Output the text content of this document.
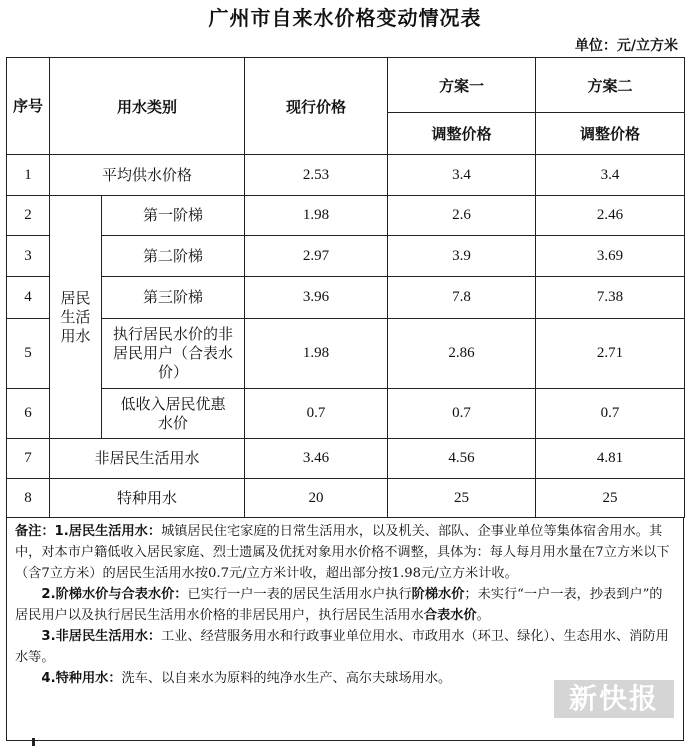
广州市自来水价格变动情况表
单位：元/立方米
序号	用水类别		现行价格	方案一	方案二
				调整价格	调整价格
1	平均供水价格		2.53	3.4	3.4
2	居民生活用水	第一阶梯	1.98	2.6	2.46
3		第二阶梯	2.97	3.9	3.69
4		第三阶梯	3.96	7.8	7.38
5		执行居民水价的非居民用户（合表水价）	1.98	2.86	2.71
6		低收入居民优惠水价	0.7	0.7	0.7
7	非居民生活用水		3.46	4.56	4.81
8	特种用水		20	25	25

备注：1.居民生活用水：城镇居民住宅家庭的日常生活用水，以及机关、部队、企事业单位等集体宿舍用水。其中，对本市户籍低收入居民家庭、烈士遗属及优抚对象用水价格不调整，具体为：每人每月用水量在7立方米以下（含7立方米）的居民生活用水按0.7元/立方米计收，超出部分按1.98元/立方米计收。

2.阶梯水价与合表水价：已实行一户一表的居民生活用水户执行阶梯水价；未实行“一户一表，抄表到户”的居民用户以及执行居民生活用水价格的非居民用户，执行居民生活用水合表水价。

3.非居民生活用水：工业、经营服务用水和行政事业单位用水、市政用水（环卫、绿化）、生态用水、消防用水等。

4.特种用水：洗车、以自来水为原料的纯净水生产、高尔夫球场用水。

新快报
